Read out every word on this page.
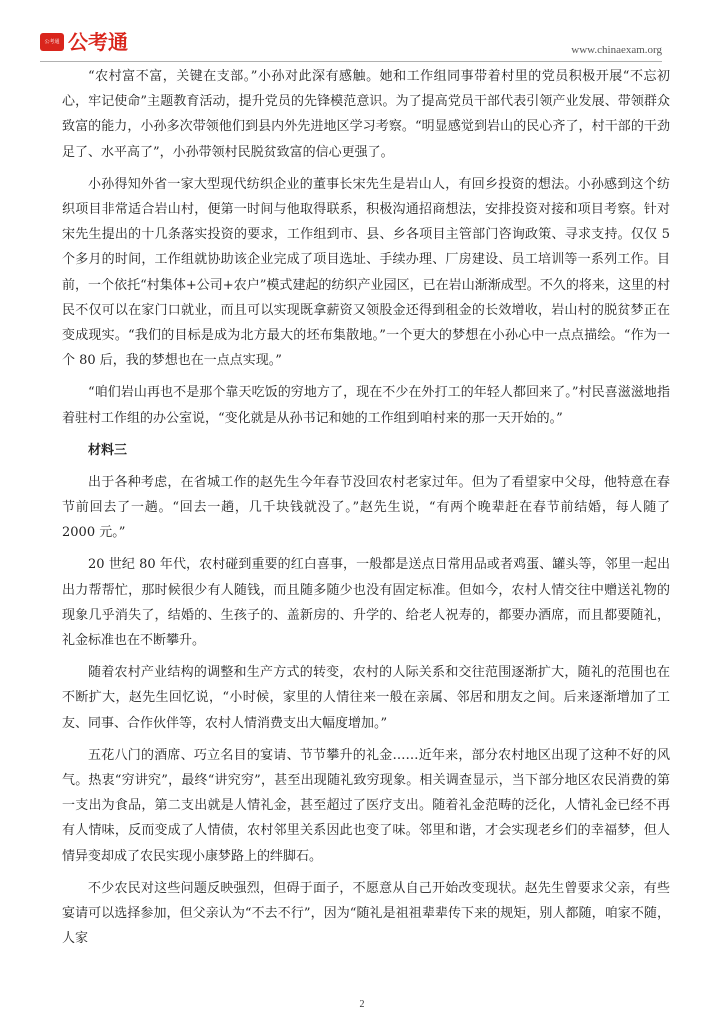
公考通 公考通	www.chinaexam.org

“农村富不富，关键在支部。”小孙对此深有感触。她和工作组同事带着村里的党员积极开展“不忘初心，牢记使命”主题教育活动，提升党员的先锋模范意识。为了提高党员干部代表引领产业发展、带领群众致富的能力，小孙多次带领他们到县内外先进地区学习考察。“明显感觉到岩山的民心齐了，村干部的干劲足了、水平高了”，小孙带领村民脱贫致富的信心更强了。

小孙得知外省一家大型现代纺织企业的董事长宋先生是岩山人，有回乡投资的想法。小孙感到这个纺织项目非常适合岩山村，便第一时间与他取得联系，积极沟通招商想法，安排投资对接和项目考察。针对宋先生提出的十几条落实投资的要求，工作组到市、县、乡各项目主管部门咨询政策、寻求支持。仅仅 5 个多月的时间，工作组就协助该企业完成了项目选址、手续办理、厂房建设、员工培训等一系列工作。目前，一个依托“村集体+公司+农户”模式建起的纺织产业园区，已在岩山渐渐成型。不久的将来，这里的村民不仅可以在家门口就业，而且可以实现既拿薪资又领股金还得到租金的长效增收，岩山村的脱贫梦正在变成现实。“我们的目标是成为北方最大的坯布集散地。”一个更大的梦想在小孙心中一点点描绘。“作为一个 80 后，我的梦想也在一点点实现。”

“咱们岩山再也不是那个靠天吃饭的穷地方了，现在不少在外打工的年轻人都回来了。”村民喜滋滋地指着驻村工作组的办公室说，“变化就是从孙书记和她的工作组到咱村来的那一天开始的。”

材料三

出于各种考虑，在省城工作的赵先生今年春节没回农村老家过年。但为了看望家中父母，他特意在春节前回去了一趟。“回去一趟，几千块钱就没了。”赵先生说，“有两个晚辈赶在春节前结婚，每人随了 2000 元。”

20 世纪 80 年代，农村碰到重要的红白喜事，一般都是送点日常用品或者鸡蛋、罐头等，邻里一起出出力帮帮忙，那时候很少有人随钱，而且随多随少也没有固定标准。但如今，农村人情交往中赠送礼物的现象几乎消失了，结婚的、生孩子的、盖新房的、升学的、给老人祝寿的，都要办酒席，而且都要随礼，礼金标准也在不断攀升。

随着农村产业结构的调整和生产方式的转变，农村的人际关系和交往范围逐渐扩大，随礼的范围也在不断扩大，赵先生回忆说，“小时候，家里的人情往来一般在亲属、邻居和朋友之间。后来逐渐增加了工友、同事、合作伙伴等，农村人情消费支出大幅度增加。”

五花八门的酒席、巧立名目的宴请、节节攀升的礼金……近年来，部分农村地区出现了这种不好的风气。热衷“穷讲究”，最终“讲究穷”，甚至出现随礼致穷现象。相关调查显示，当下部分地区农民消费的第一支出为食品，第二支出就是人情礼金，甚至超过了医疗支出。随着礼金范畴的泛化，人情礼金已经不再有人情味，反而变成了人情债，农村邻里关系因此也变了味。邻里和谐，才会实现老乡们的幸福梦，但人情异变却成了农民实现小康梦路上的绊脚石。

不少农民对这些问题反映强烈，但碍于面子，不愿意从自己开始改变现状。赵先生曾要求父亲，有些宴请可以选择参加，但父亲认为“不去不行”，因为“随礼是祖祖辈辈传下来的规矩，别人都随，咱家不随，人家

2
